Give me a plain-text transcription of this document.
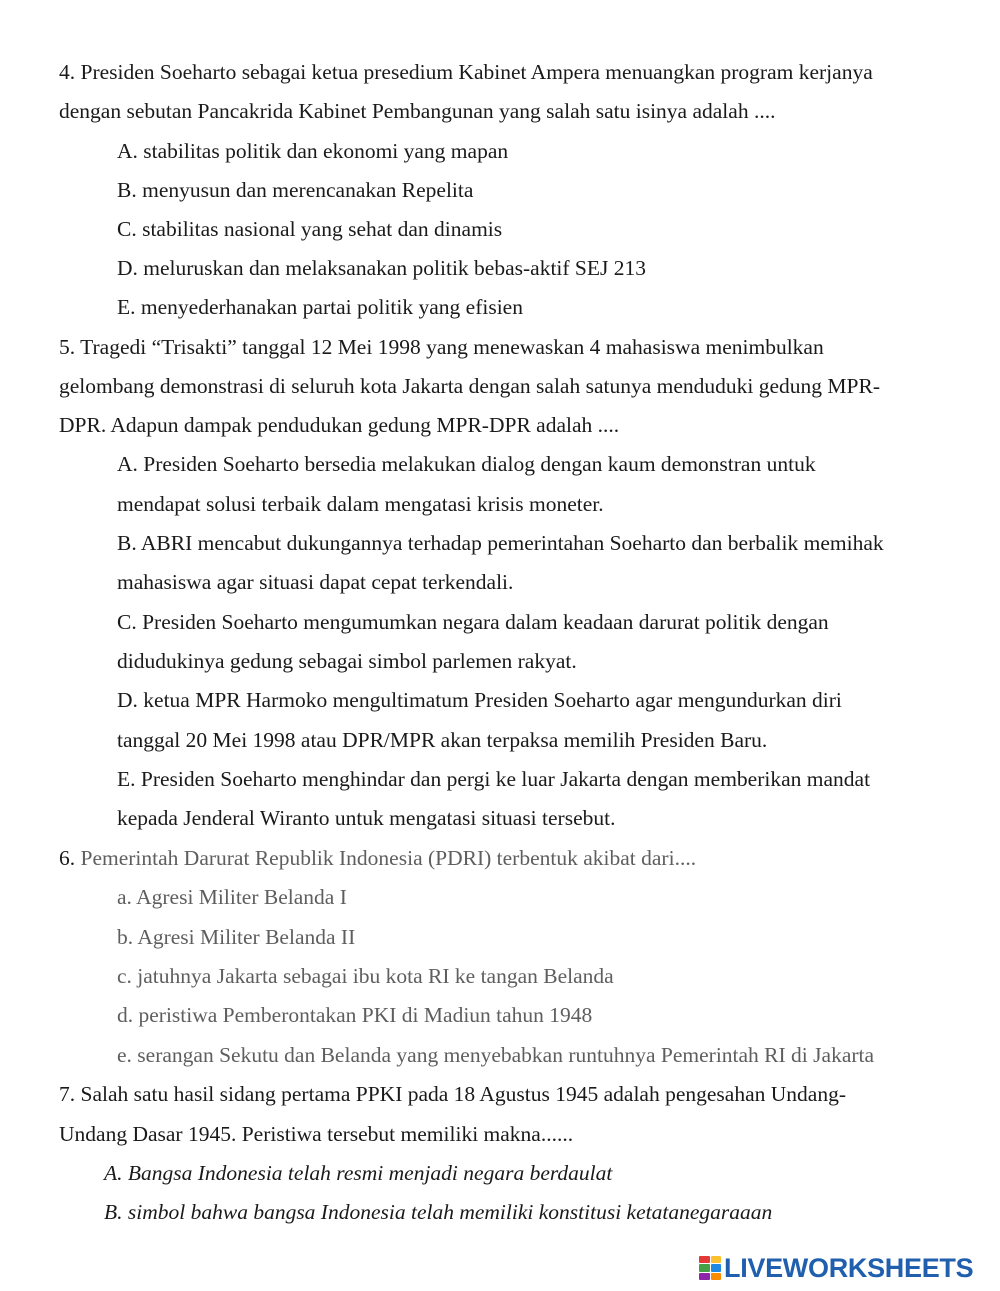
4. Presiden Soeharto sebagai ketua presedium Kabinet Ampera menuangkan program kerjanya
dengan sebutan Pancakrida Kabinet Pembangunan yang salah satu isinya adalah ....
A. stabilitas politik dan ekonomi yang mapan
B. menyusun dan merencanakan Repelita
C. stabilitas nasional yang sehat dan dinamis
D. meluruskan dan melaksanakan politik bebas-aktif SEJ 213
E. menyederhanakan partai politik yang efisien
5. Tragedi “Trisakti” tanggal 12 Mei 1998 yang menewaskan 4 mahasiswa menimbulkan
gelombang demonstrasi di seluruh kota Jakarta dengan salah satunya menduduki gedung MPR-
DPR. Adapun dampak pendudukan gedung MPR-DPR adalah ....
A. Presiden Soeharto bersedia melakukan dialog dengan kaum demonstran untuk
mendapat solusi terbaik dalam mengatasi krisis moneter.
B. ABRI mencabut dukungannya terhadap pemerintahan Soeharto dan berbalik memihak
mahasiswa agar situasi dapat cepat terkendali.
C. Presiden Soeharto mengumumkan negara dalam keadaan darurat politik dengan
didudukinya gedung sebagai simbol parlemen rakyat.
D. ketua MPR Harmoko mengultimatum Presiden Soeharto agar mengundurkan diri
tanggal 20 Mei 1998 atau DPR/MPR akan terpaksa memilih Presiden Baru.
E. Presiden Soeharto menghindar dan pergi ke luar Jakarta dengan memberikan mandat
kepada Jenderal Wiranto untuk mengatasi situasi tersebut.
6. Pemerintah Darurat Republik Indonesia (PDRI) terbentuk akibat dari....
a. Agresi Militer Belanda I
b. Agresi Militer Belanda II
c. jatuhnya Jakarta sebagai ibu kota RI ke tangan Belanda
d. peristiwa Pemberontakan PKI di Madiun tahun 1948
e. serangan Sekutu dan Belanda yang menyebabkan runtuhnya Pemerintah RI di Jakarta
7. Salah satu hasil sidang pertama PPKI pada 18 Agustus 1945 adalah pengesahan Undang-
Undang Dasar 1945. Peristiwa tersebut memiliki makna......
A. Bangsa Indonesia telah resmi menjadi negara berdaulat
B. simbol bahwa bangsa Indonesia telah memiliki konstitusi ketatanegaraaan
LIVEWORKSHEETS
